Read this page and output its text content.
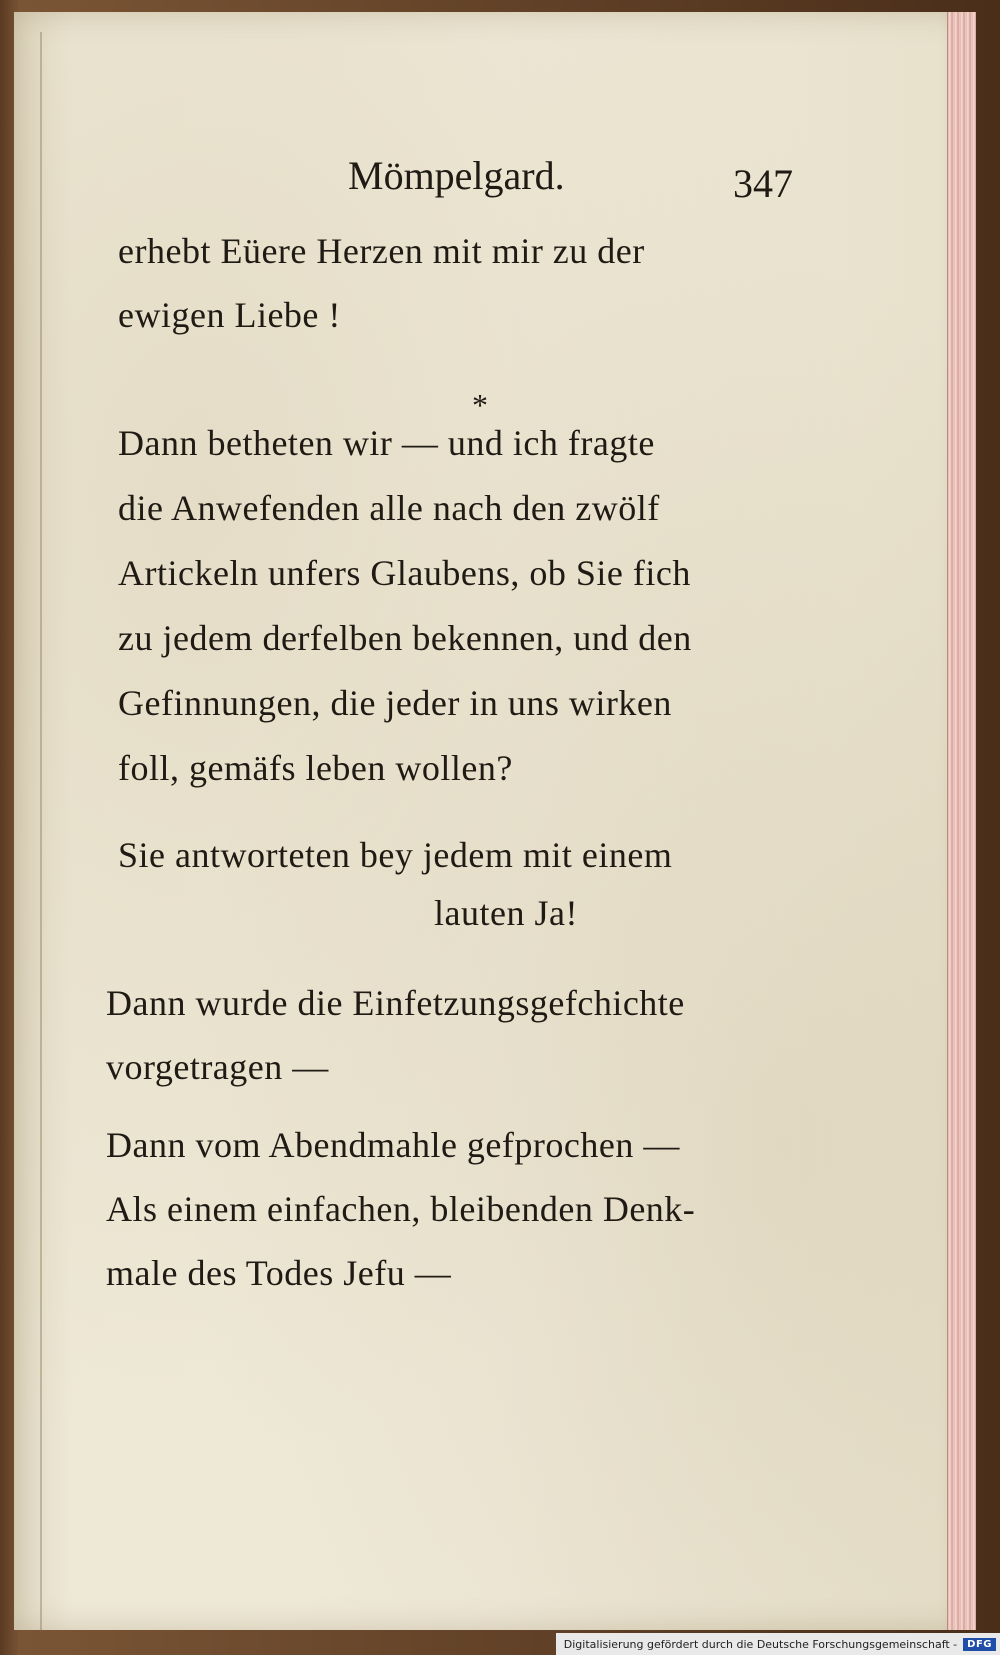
Mömpelgard.	347
erhebt Eüere Herzen mit mir zu der
ewigen Liebe !
*
Dann betheten wir — und ich fragte
die Anwefenden alle nach den zwölf
Artickeln unfers Glaubens, ob Sie fich
zu jedem derfelben bekennen, und den
Gefinnungen, die jeder in uns wirken
foll, gemäfs leben wollen?
Sie antworteten bey jedem mit einem
lauten Ja!
Dann wurde die Einfetzungsgefchichte
vorgetragen —
Dann vom Abendmahle gefprochen —
Als einem einfachen, bleibenden Denk-
male des Todes Jefu —
Digitalisierung gefördert durch die Deutsche Forschungsgemeinschaft -	DFG
